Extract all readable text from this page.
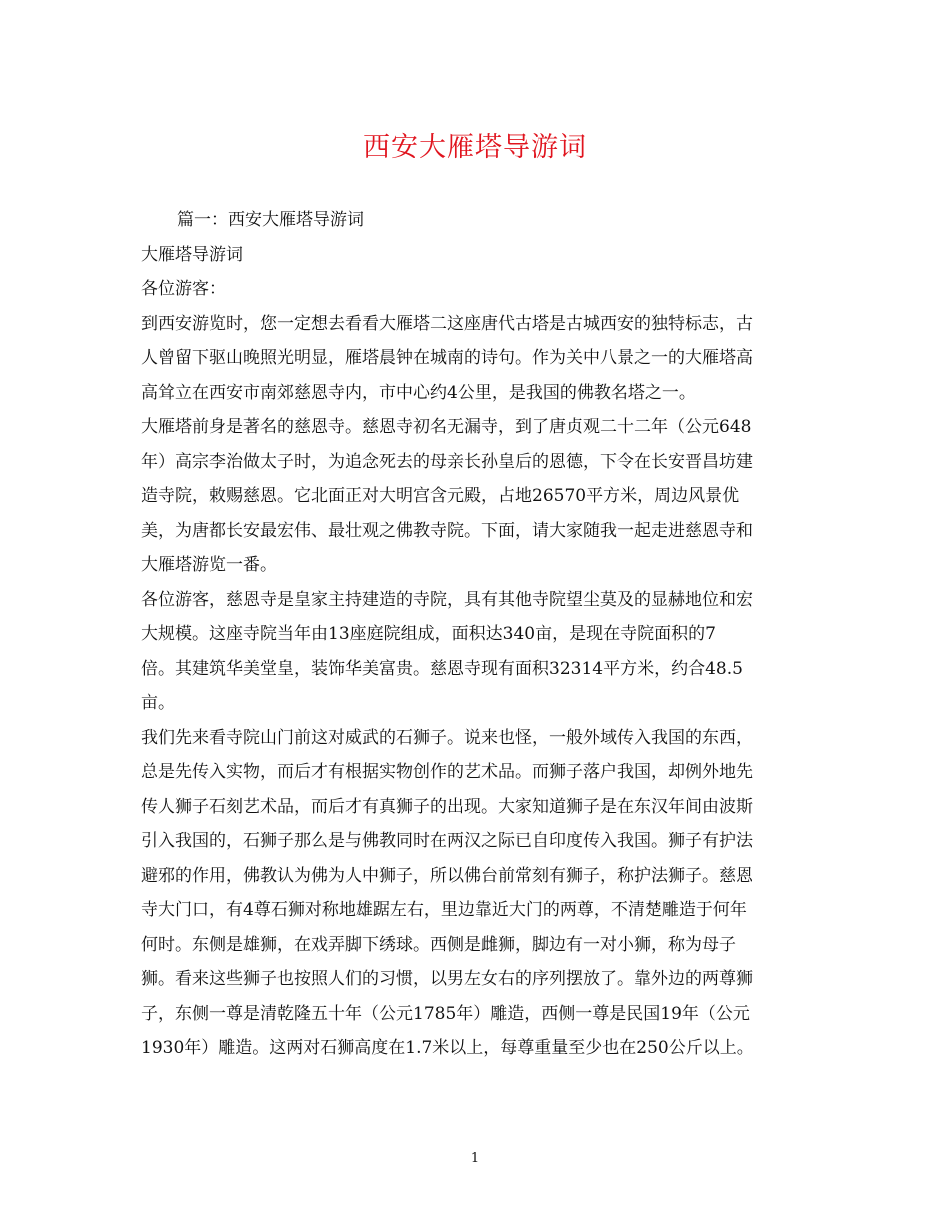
西安大雁塔导游词

篇一：西安大雁塔导游词

大雁塔导游词

各位游客：

到西安游览时，您一定想去看看大雁塔二这座唐代古塔是古城西安的独特标志，古

人曾留下驱山晚照光明显，雁塔晨钟在城南的诗句。作为关中八景之一的大雁塔高

高耸立在西安市南郊慈恩寺内，市中心约4公里，是我国的佛教名塔之一。

大雁塔前身是著名的慈恩寺。慈恩寺初名无漏寺，到了唐贞观二十二年（公元648

年）高宗李治做太子时，为追念死去的母亲长孙皇后的恩德，下令在长安晋昌坊建

造寺院，敕赐慈恩。它北面正对大明宫含元殿，占地26570平方米，周边风景优

美，为唐都长安最宏伟、最壮观之佛教寺院。下面，请大家随我一起走进慈恩寺和

大雁塔游览一番。

各位游客，慈恩寺是皇家主持建造的寺院，具有其他寺院望尘莫及的显赫地位和宏

大规模。这座寺院当年由13座庭院组成，面积达340亩，是现在寺院面积的7

倍。其建筑华美堂皇，装饰华美富贵。慈恩寺现有面积32314平方米，约合48.5

亩。

我们先来看寺院山门前这对威武的石狮子。说来也怪，一般外域传入我国的东西，

总是先传入实物，而后才有根据实物创作的艺术品。而狮子落户我国，却例外地先

传人狮子石刻艺术品，而后才有真狮子的出现。大家知道狮子是在东汉年间由波斯

引入我国的，石狮子那么是与佛教同时在两汉之际已自印度传入我国。狮子有护法

避邪的作用，佛教认为佛为人中狮子，所以佛台前常刻有狮子，称护法狮子。慈恩

寺大门口，有4尊石狮对称地雄踞左右，里边靠近大门的两尊，不清楚雕造于何年

何时。东侧是雄狮，在戏弄脚下绣球。西侧是雌狮，脚边有一对小狮，称为母子

狮。看来这些狮子也按照人们的习惯，以男左女右的序列摆放了。靠外边的两尊狮

子，东侧一尊是清乾隆五十年（公元1785年）雕造，西侧一尊是民国19年（公元

1930年）雕造。这两对石狮高度在1.7米以上，每尊重量至少也在250公斤以上。

1
